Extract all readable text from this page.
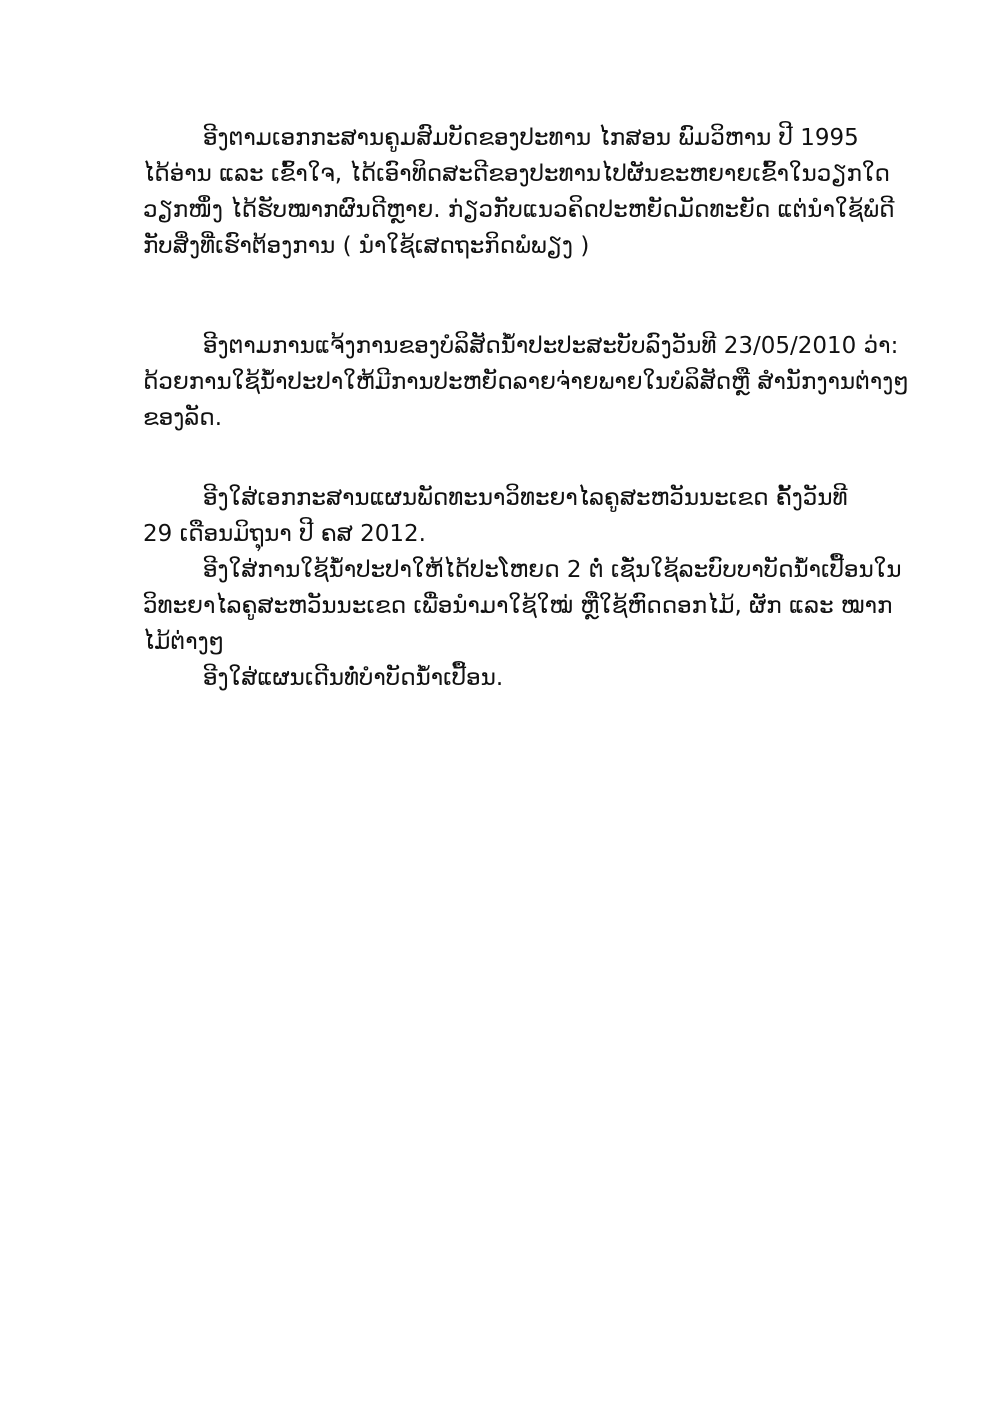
ອີງຕາມເອກກະສານຄູມສົມບັດຂອງປະທານ ໄກສອນ ພົມວິຫານ ປີ 1995
ໄດ້ອ່ານ ແລະ ເຂົ້າໃຈ, ໄດ້ເອົາທິດສະດີຂອງປະທານໄປຜັນຂະຫຍາຍເຂົ້າໃນວຽກໃດ
ວຽກໜຶ່ງ ໄດ້ຮັບໝາກຜົນດີຫຼາຍ. ກ່ຽວກັບແນວຄິດປະຫຍັດມັດທະຍັດ ແຕ່ນໍາໃຊ້ພໍດີ
ກັບສິ່ງທີ່ເຮົາຕ້ອງການ ( ນໍາໃຊ້ເສດຖະກິດພໍພຽງ )

ອີງຕາມການແຈ້ງການຂອງບໍລິສັດນໍ້າປະປະສະບັບລົງວັນທີ 23/05/2010 ວ່າ:
ດ້ວຍການໃຊ້ນໍ້າປະປາໃຫ້ມີການປະຫຍັດລາຍຈ່າຍພາຍໃນບໍລິສັດຫຼື ສໍານັກງານຕ່າງໆ
ຂອງລັດ.

ອີງໃສ່ເອກກະສານແຜນພັດທະນາວິທະຍາໄລຄູສະຫວັນນະເຂດ ຄັ້ງວັນທີ
29 ເດືອນມິຖຸນາ ປີ ຄສ 2012.

ອີງໃສ່ການໃຊ້ນໍ້າປະປາໃຫ້ໄດ້ປະໂຫຍດ 2 ຕໍ່ ເຊັ່ນໃຊ້ລະບົບບາບັດນໍ້າເປື້ອນໃນ
ວິທະຍາໄລຄູສະຫວັນນະເຂດ ເພື່ອນໍາມາໃຊ້ໃໝ່ ຫຼືໃຊ້ຫົດດອກໄມ້, ຜັກ ແລະ ໝາກ
ໄມ້ຕ່າງໆ

ອີງໃສ່ແຜນເດີນທໍ່ບໍາບັດນໍ້າເປື້ອນ.
